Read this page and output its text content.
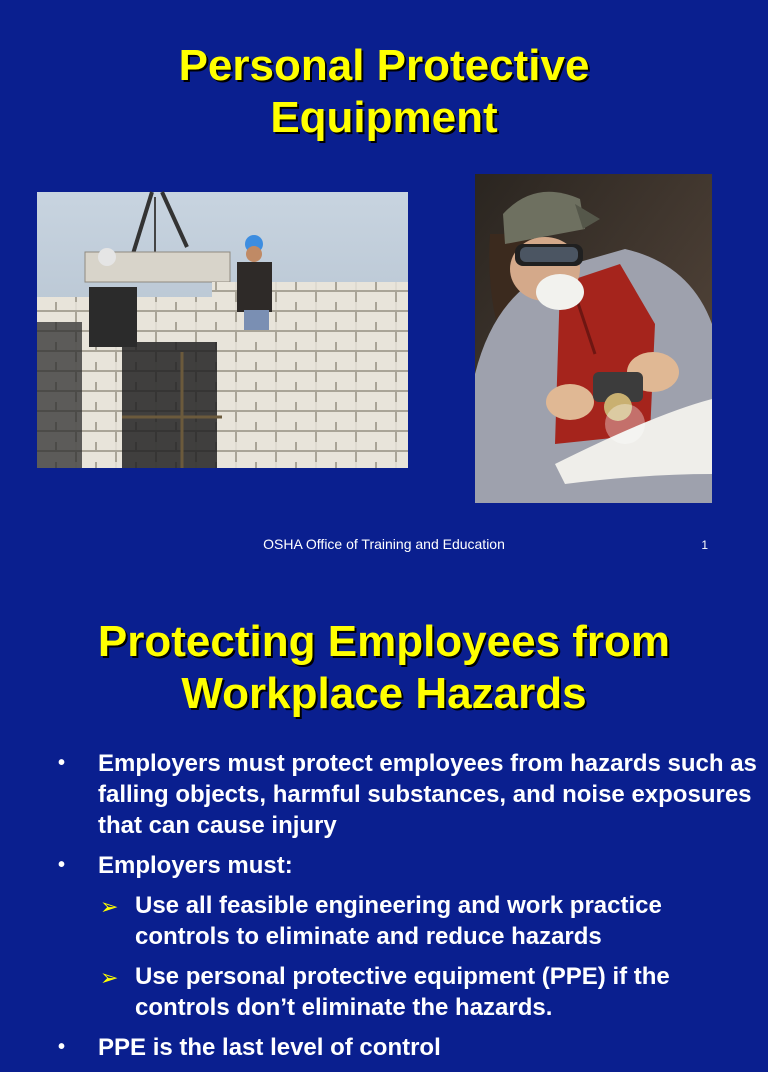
Personal Protective
Equipment
OSHA Office of Training and Education	1
Protecting Employees from
Workplace Hazards
• Employers must protect employees from hazards such as falling objects, harmful substances, and noise exposures that can cause injury
• Employers must:
➢ Use all feasible engineering and work practice controls to eliminate and reduce hazards
➢ Use personal protective equipment (PPE) if the controls don’t eliminate the hazards.
• PPE is the last level of control
